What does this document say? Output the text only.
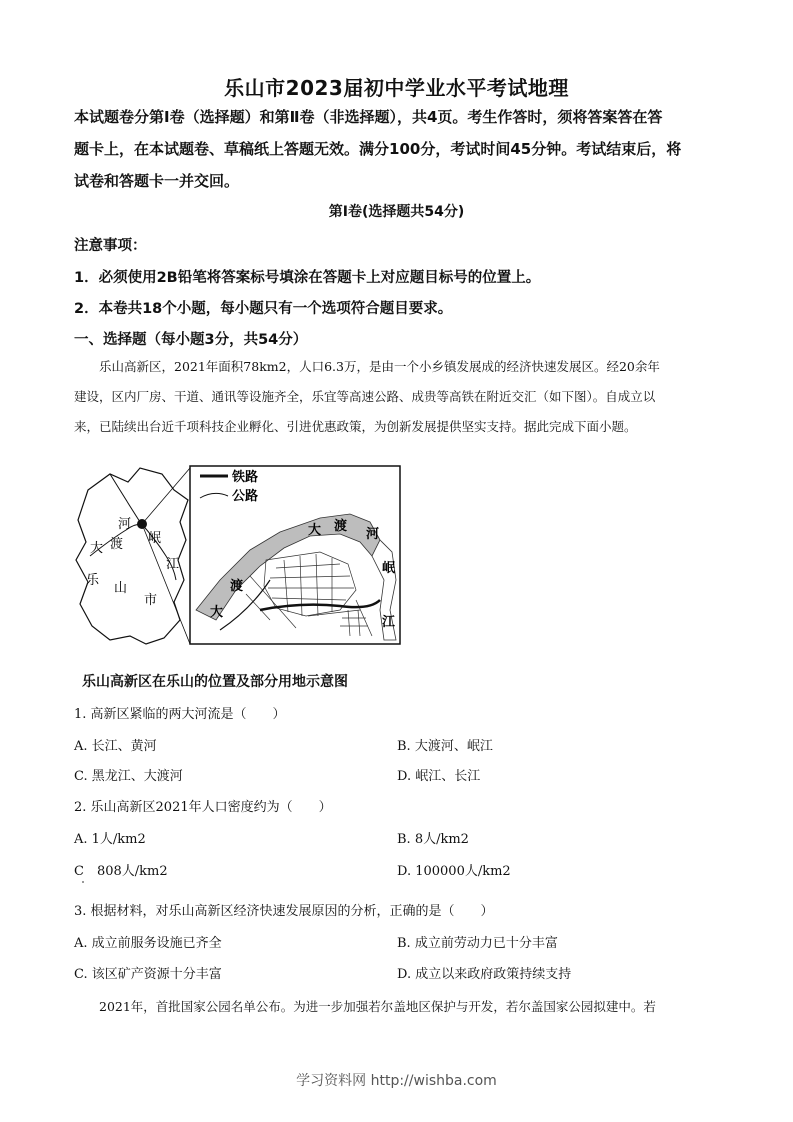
乐山市2023届初中学业水平考试地理

本试题卷分第Ⅰ卷（选择题）和第Ⅱ卷（非选择题），共4页。考生作答时，须将答案答在答

题卡上，在本试题卷、草稿纸上答题无效。满分100分，考试时间45分钟。考试结束后，将

试卷和答题卡一并交回。

第Ⅰ卷(选择题共54分)
注意事项：
1．必须使用2B铅笔将答案标号填涂在答题卡上对应题目标号的位置上。
2．本卷共18个小题，每小题只有一个选项符合题目要求。
一、选择题（每小题3分，共54分）

乐山高新区，2021年面积78km2，人口6.3万，是由一个小乡镇发展成的经济快速发展区。经20余年

建设，区内厂房、干道、通讯等设施齐全，乐宜等高速公路、成贵等高铁在附近交汇（如下图）。自成立以

来，已陆续出台近千项科技企业孵化、引进优惠政策，为创新发展提供坚实支持。据此完成下面小题。

河
岷
大 渡
江
乐
山
市
铁路
公路
大 渡
河
渡
大
岷
江
乐山高新区在乐山的位置及部分用地示意图
1. 高新区紧临的两大河流是（　　）
A. 长江、黄河	B. 大渡河、岷江
C. 黑龙江、大渡河	D. 岷江、长江
2. 乐山高新区2021年人口密度约为（　　）
A. 1人/km2	B. 8人/km2
C　808人/km2	D. 100000人/km2
3. 根据材料，对乐山高新区经济快速发展原因的分析，正确的是（　　）
A. 成立前服务设施已齐全	B. 成立前劳动力已十分丰富
C. 该区矿产资源十分丰富	D. 成立以来政府政策持续支持

2021年，首批国家公园名单公布。为进一步加强若尔盖地区保护与开发，若尔盖国家公园拟建中。若

学习资料网 http://wishba.com
